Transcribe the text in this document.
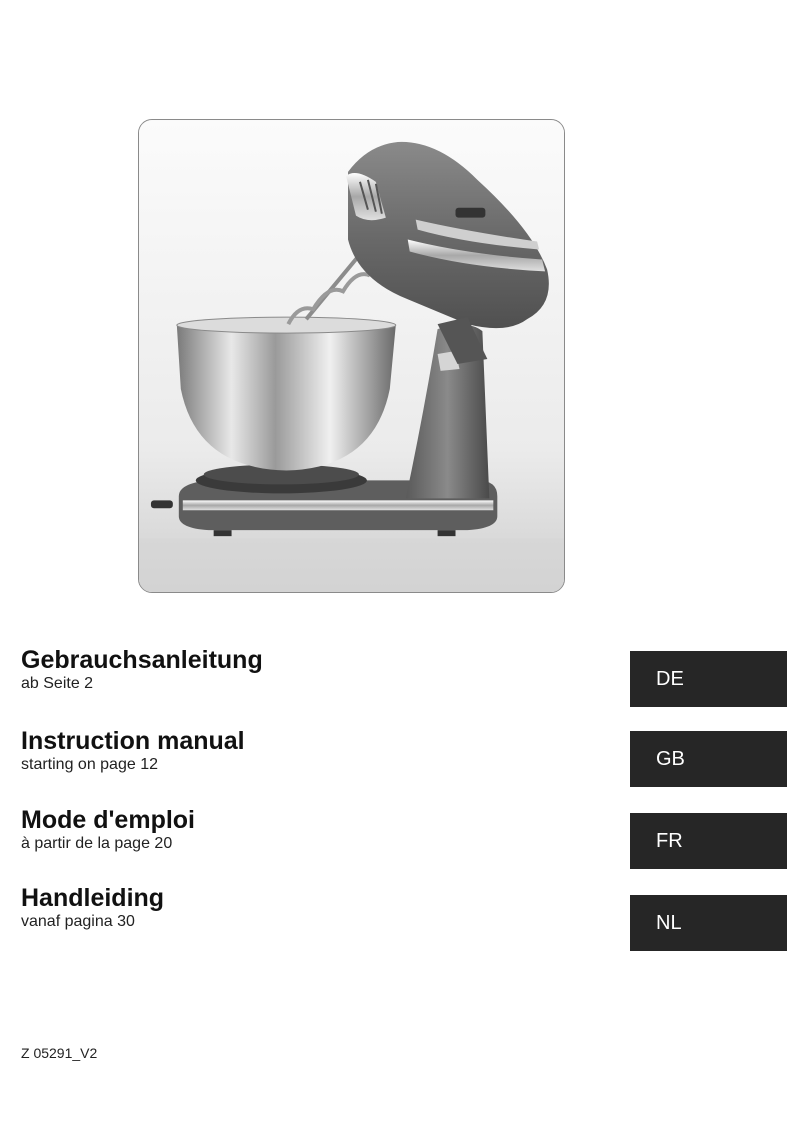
Gebrauchsanleitung
ab Seite 2	DE
Instruction manual
starting on page 12	GB
Mode d'emploi
à partir de la page 20	FR
Handleiding
vanaf pagina 30	NL
Z 05291_V2
